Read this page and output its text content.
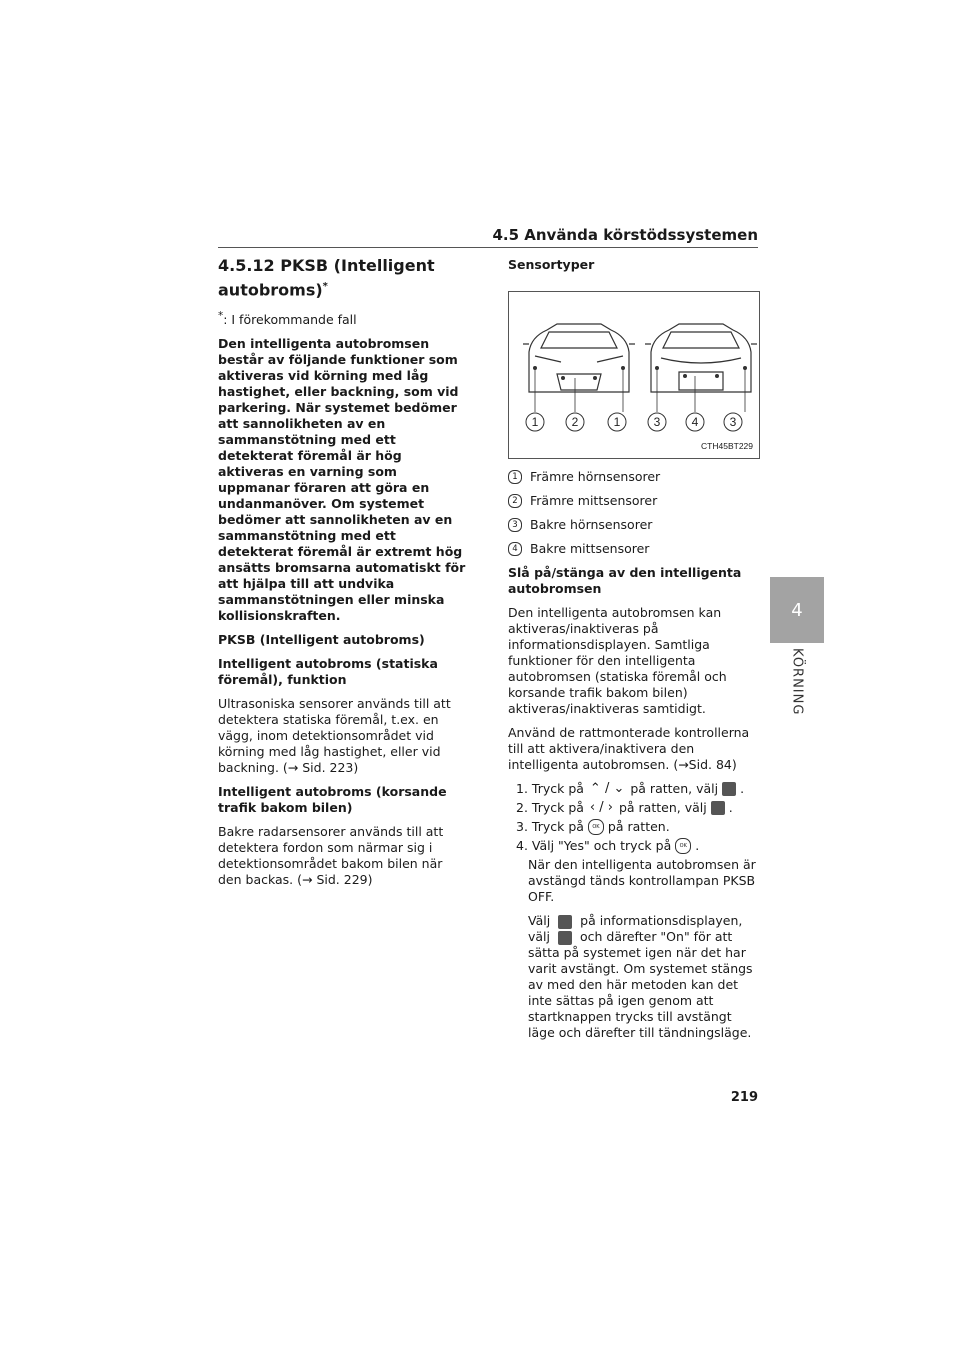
4.5 Använda körstödssystemen
4
KÖRNING
4.5.12 PKSB (Intelligent autobroms)*

*: I förekommande fall

Den intelligenta autobromsen består av följande funktioner som aktiveras vid körning med låg hastighet, eller backning, som vid parkering. När systemet bedömer att sannolikheten av en sammanstötning med ett detekterat föremål är hög aktiveras en varning som uppmanar föraren att göra en undanmanöver. Om systemet bedömer att sannolikheten av en sammanstötning med ett detekterat föremål är extremt hög ansätts bromsarna automatiskt för att hjälpa till att undvika sammanstötningen eller minska kollisionskraften.

PKSB (Intelligent autobroms)

Intelligent autobroms (statiska föremål), funktion

Ultrasoniska sensorer används till att detektera statiska föremål, t.ex. en vägg, inom detektionsområdet vid körning med låg hastighet, eller vid backning. (→ Sid. 223)

Intelligent autobroms (korsande trafik bakom bilen)

Bakre radarsensorer används till att detektera fordon som närmar sig i detektionsområdet bakom bilen när den backas. (→ Sid. 229)

Sensortyper

1	2	1	3	4	3
CTH45BT229
1 Främre hörnsensorer
2 Främre mittsensorer
3 Bakre hörnsensorer
4 Bakre mittsensorer

Slå på/stänga av den intelligenta autobromsen

Den intelligenta autobromsen kan aktiveras/inaktiveras på informationsdisplayen. Samtliga funktioner för den intelligenta autobromsen (statiska föremål och korsande trafik bakom bilen) aktiveras/inaktiveras samtidigt.

Använd de rattmonterade kontrollerna till att aktivera/inaktivera den intelligenta autobromsen. (→Sid. 84)

1. Tryck på ⌃ / ⌄ på ratten, välj .
2. Tryck på ‹ / › på ratten, välj .
3. Tryck på	OK på ratten.
4. Välj "Yes" och tryck på	OK .

När den intelligenta autobromsen är avstängd tänds kontrollampan PKSB OFF.

Välj på informationsdisplayen, välj och därefter "On" för att sätta på systemet igen när det har varit avstängt. Om systemet stängs av med den här metoden kan det inte sättas på igen genom att startknappen trycks till avstängt läge och därefter till tändningsläge.

219
